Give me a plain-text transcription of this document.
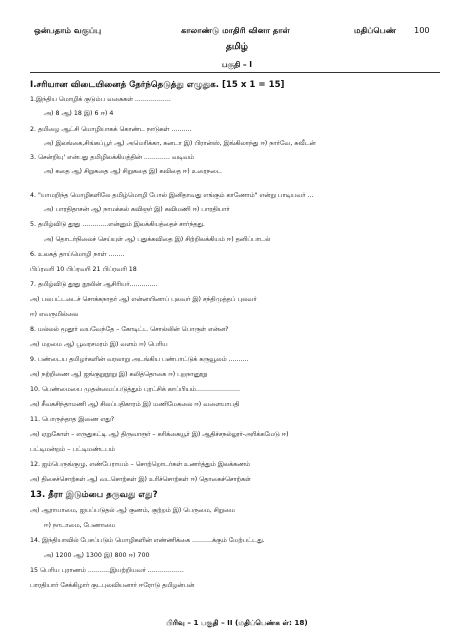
ஒன்பதாம் வகுப்பு	காலாண்டு மாதிரி வினா தாள்	மதிப்பெண் 100
தமிழ்
பகுதி – I
I.சரியான விடையினைத் தேர்ந்தெடுத்து எழுதுக. [15 x 1 = 15]
1.இந்திய மொழிக் குடும்ப வகைகள் ..................
அ) 8 ஆ) 18 இ) 6 ஈ) 4
2. தமிழை ஆட்சி மொழியாகக் கொண்ட நாடுகள் ..........
அ) இலங்கை,சிங்கப்பூர் ஆ) அமெரிக்கா, கனடா இ) பிரான்ஸ், இங்கிலாந்து ஈ) நார்வே, சுவீடன்
3. சென்றியு' என்பது தமிழிலக்கியத்தின் ............. வடிவம்
அ) கதை ஆ) சிறுகதை ஆ) சிறுகதை இ) கவிதை ஈ) உரைநடை
4. "யாமறிந்த மொழிகளிலே தமிழ்மொழி போல் இனிதாவது எங்கும் காணோம்" என்று பாடியவர் ...
அ) பாரதிதாசன் ஆ) நாமக்கல் கவிஞர் இ) கவிமணி ஈ) பாரதியார்
5. தமிழ்விடு தூது .............என்னும் இலக்கியத்தைச் சார்ந்தது.
அ) தொடர்நிலைச் செய்யுள் ஆ) புதுக்கவிதை இ) சிற்றிலக்கியம் ஈ) தனிப்பாடல்
6. உலகத் தாய்மொழி நாள் ........
பிப்ரவரி 10 பிப்ரவரி 21 பிப்ரவரி 18
7. தமிழ்விடு தூது நூலின் ஆசிரியர்..............
அ) பலபட்டடைச் சொக்கநாதர் ஆ) என்னயினாப் புலவர் இ) சந்திமுத்தப் புலவர்
ஈ) எவருமில்லை
8. மல்லல் மூதூர் வயவேந்தே – கோடிட்ட சொல்லின் பொருள் என்ன?
அ) மறமை ஆ) பூவரசமரம் இ) வளம் ஈ) பெரிய
9. பண்டைய தமிழர்களின் வரலாறு அடங்கிய பண்பாட்டுக் கருவூலம் ..........
அ) நற்றிணை ஆ) ஐங்குறுநூறு இ) கலித்தொகை ஈ) புறநானூறு
10. பெண்மையை முதன்மைப்படுத்தும் புரட்சிக் காப்பியம்......................
அ) சீவகசிந்தாமணி ஆ) சிலப்பதிகாரம் இ) மணிமேகலை ஈ) வளையாபதி
11. பொருந்தாத இணை எது?
அ) ஏறுகோள் – எருதுகட்டி ஆ) திருவாரூர் – கரிக்கையூர் இ) ஆதிச்சநல்லூர்-அரிக்கமேடு ஈ)
பட்டிமன்றம் – பட்டிமண்டபம்
12. ஐம்பெருங்குழு, எண்பேராயம் – சொற்றொடர்கள் உணர்த்தும் இலக்கணம்
அ) திசைச்சொற்கள் ஆ) வடசொற்கள் இ) உரிச்சொற்கள் ஈ) தொகைச்சொற்கள்
13. தீரா இடும்பை தருவது எது?
அ) ஆராயாமை, ஐயப்படுதல் ஆ) குணம், குற்றம் இ) பெருமை, சிறுமை
ஈ) நாடாமை, பேணாமை
14. இந்தியாவில் பேசப்படும் மொழிகளின் எண்ணிக்கை ..........க்கும் மேற்பட்டது.
அ) 1200 ஆ) 1300 இ) 800 ஈ) 700
15 பெரிய புராணம் ...........இயற்றியவர் ..................
பாரதியார் சேக்கிழார் குடபுலவியனார் ஈரோடு தமிழன்பன்
பிரிவு – 1 பகுதி – II (மதிப்பெண்க ள்: 18)
